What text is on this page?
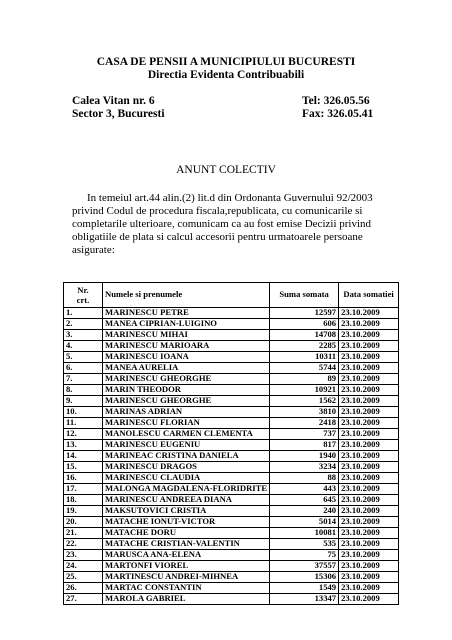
CASA DE PENSII A MUNICIPIULUI BUCURESTI
Directia Evidenta Contribuabili
Calea Vitan nr. 6	Tel: 326.05.56
Sector 3, Bucuresti	Fax: 326.05.41
ANUNT COLECTIV
In temeiul art.44 alin.(2) lit.d din Ordonanta Guvernului 92/2003
privind Codul de procedura fiscala,republicata, cu comunicarile si
completarile ulterioare, comunicam ca au fost emise Decizii privind
obligatiile de plata si calcul accesorii pentru urmatoarele persoane
asigurate:
Nr.
crt.	Numele si prenumele	Suma somata	Data somatiei
1.	MARINESCU PETRE	12597	23.10.2009
2.	MANEA CIPRIAN-LUIGINO	606	23.10.2009
3.	MARINESCU MIHAI	14708	23.10.2009
4.	MARINESCU MARIOARA	2285	23.10.2009
5.	MARINESCU IOANA	10311	23.10.2009
6.	MANEA AURELIA	5744	23.10.2009
7.	MARINESCU GHEORGHE	89	23.10.2009
8.	MARIN THEODOR	10921	23.10.2009
9.	MARINESCU GHEORGHE	1562	23.10.2009
10.	MARINAS ADRIAN	3810	23.10.2009
11.	MARINESCU FLORIAN	2418	23.10.2009
12.	MANOLESCU CARMEN CLEMENTA	737	23.10.2009
13.	MARINESCU EUGENIU	817	23.10.2009
14.	MARINEAC CRISTINA DANIELA	1940	23.10.2009
15.	MARINESCU DRAGOS	3234	23.10.2009
16.	MARINESCU CLAUDIA	88	23.10.2009
17.	MALONGA MAGDALENA-FLORIDRITE	443	23.10.2009
18.	MARINESCU ANDREEA DIANA	645	23.10.2009
19.	MAKSUTOVICI CRISTIA	240	23.10.2009
20.	MATACHE IONUT-VICTOR	5014	23.10.2009
21.	MATACHE DORU	10081	23.10.2009
22.	MATACHE CRISTIAN-VALENTIN	535	23.10.2009
23.	MARUSCA ANA-ELENA	75	23.10.2009
24.	MARTONFI VIOREL	37557	23.10.2009
25.	MARTINESCU ANDREI-MIHNEA	15306	23.10.2009
26.	MARTAC CONSTANTIN	1549	23.10.2009
27.	MAROLA GABRIEL	13347	23.10.2009
